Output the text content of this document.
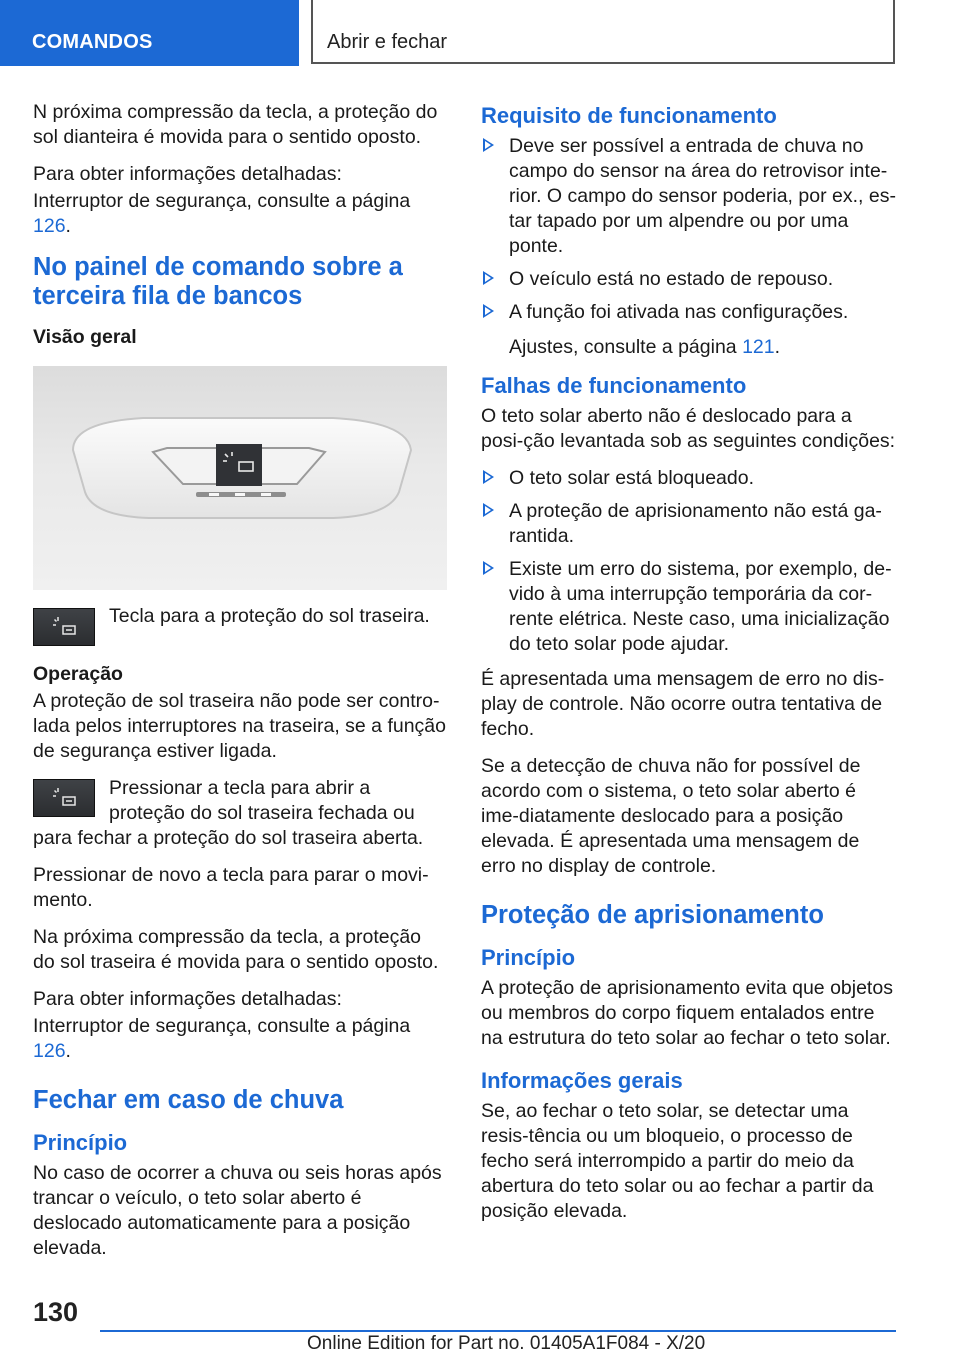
COMANDOS	Abrir e fechar

N próxima compressão da tecla, a proteção do sol dianteira é movida para o sentido oposto.

Para obter informações detalhadas:

Interruptor de segurança, consulte a página 126.

No painel de comando sobre a terceira fila de bancos
Visão geral
Tecla para a proteção do sol traseira.
Operação

A proteção de sol traseira não pode ser contro-lada pelos interruptores na traseira, se a função de segurança estiver ligada.

Pressionar a tecla para abrir a proteção do sol traseira fechada ou para fechar a proteção do sol traseira aberta.

Pressionar de novo a tecla para parar o movi-mento.

Na próxima compressão da tecla, a proteção do sol traseira é movida para o sentido oposto.

Para obter informações detalhadas:

Interruptor de segurança, consulte a página 126.

Fechar em caso de chuva
Princípio

No caso de ocorrer a chuva ou seis horas após trancar o veículo, o teto solar aberto é deslocado automaticamente para a posição elevada.

Requisito de funcionamento
Deve ser possível a entrada de chuva no campo do sensor na área do retrovisor inte-rior. O campo do sensor poderia, por ex., es-tar tapado por um alpendre ou por uma ponte.
O veículo está no estado de repouso.
A função foi ativada nas configurações.

Ajustes, consulte a página 121.

Falhas de funcionamento

O teto solar aberto não é deslocado para a posi-ção levantada sob as seguintes condições:

O teto solar está bloqueado.
A proteção de aprisionamento não está ga-rantida.
Existe um erro do sistema, por exemplo, de-vido à uma interrupção temporária da cor-rente elétrica. Neste caso, uma inicialização do teto solar pode ajudar.

É apresentada uma mensagem de erro no dis-play de controle. Não ocorre outra tentativa de fecho.

Se a detecção de chuva não for possível de acordo com o sistema, o teto solar aberto é ime-diatamente deslocado para a posição elevada. É apresentada uma mensagem de erro no display de controle.

Proteção de aprisionamento
Princípio

A proteção de aprisionamento evita que objetos ou membros do corpo fiquem entalados entre na estrutura do teto solar ao fechar o teto solar.

Informações gerais

Se, ao fechar o teto solar, se detectar uma resis-tência ou um bloqueio, o processo de fecho será interrompido a partir do meio da abertura do teto solar ou ao fechar a partir da posição elevada.

130
Online Edition for Part no. 01405A1F084 - X/20
